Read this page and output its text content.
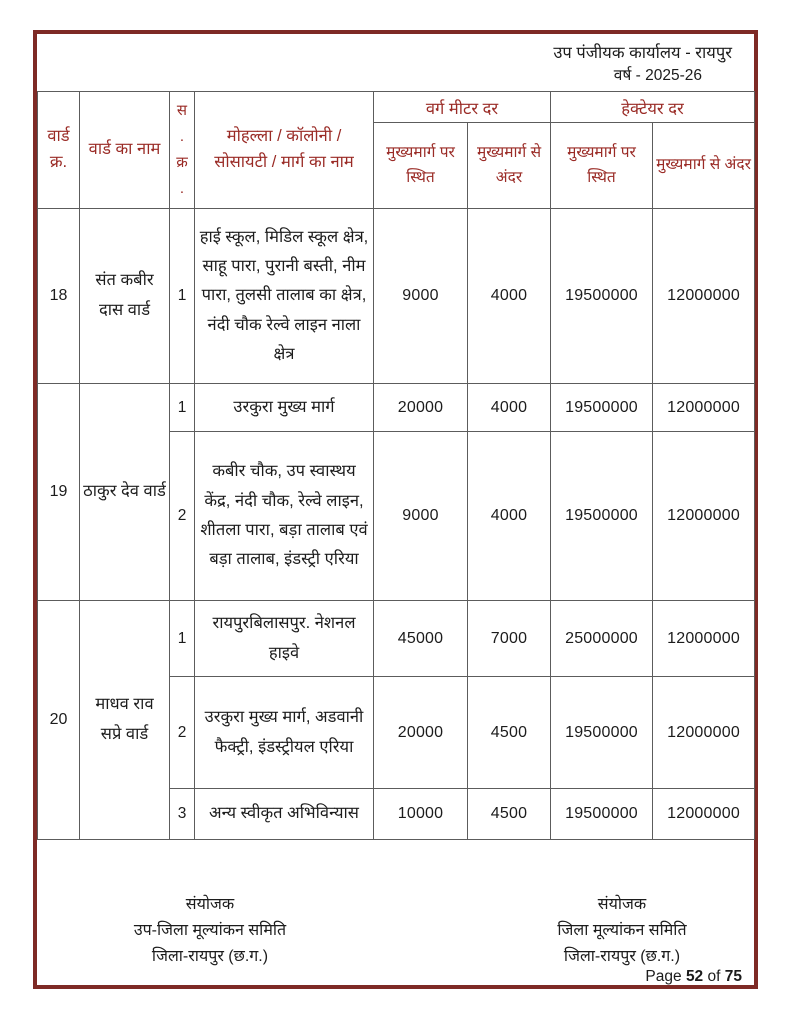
उप पंजीयक कार्यालय - रायपुर
वर्ष - 2025-26
वार्ड क्र.	वार्ड का नाम	स
.
क्र
.	मोहल्ला / कॉलोनी / सोसायटी / मार्ग का नाम	वर्ग मीटर दर		हेक्टेयर दर	
				मुख्यमार्ग पर स्थित	मुख्यमार्ग से अंदर	मुख्यमार्ग पर स्थित	मुख्यमार्ग से अंदर
18	संत कबीर दास वार्ड	1	हाई स्कूल, मिडिल स्कूल क्षेत्र, साहू पारा, पुरानी बस्ती, नीम पारा, तुलसी तालाब का क्षेत्र, नंदी चौक रेल्वे लाइन नाला क्षेत्र	9000	4000	19500000	12000000
19	ठाकुर देव वार्ड	1	उरकुरा मुख्य मार्ग	20000	4000	19500000	12000000
		2	कबीर चौक, उप स्वास्थय केंद्र, नंदी चौक, रेल्वे लाइन, शीतला पारा, बड़ा तालाब एवं बड़ा तालाब, इंडस्ट्री एरिया	9000	4000	19500000	12000000
20	माधव राव सप्रे वार्ड	1	रायपुरबिलासपुर. नेशनल हाइवे	45000	7000	25000000	12000000
		2	उरकुरा मुख्य मार्ग, अडवानी फैक्ट्री, इंडस्ट्रीयल एरिया	20000	4500	19500000	12000000
		3	अन्य स्वीकृत अभिविन्यास	10000	4500	19500000	12000000
संयोजक
उप-जिला मूल्यांकन समिति
जिला-रायपुर (छ.ग.)
संयोजक
जिला मूल्यांकन समिति
जिला-रायपुर (छ.ग.)
Page 52 of 75
